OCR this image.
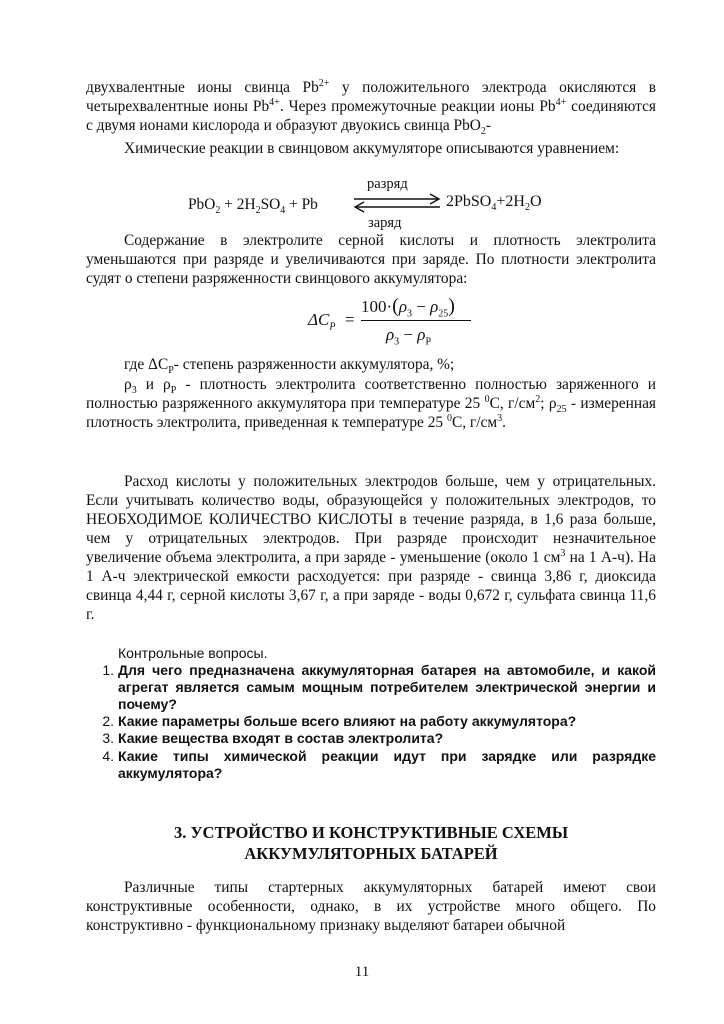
двухвалентные ионы свинца $Pb^{2+}$ у положительного электрода окисляются в четырехвалентные ионы $Pb^{4+}$. Через промежуточные реакции ионы $Pb^{4+}$ соединяются с двумя ионами кислорода и образуют двуокись свинца PbO$_2$-
Химические реакции в свинцовом аккумуляторе описываются уравнением:
$PbO_2 + 2H_2SO_4 + Pb$
разряд
$2PbSO_4+2H_2O$
заряд
Содержание в электролите серной кислоты и плотность электролита уменьшаются при разряде и увеличиваются при заряде. По плотности электролита судят о степени разряженности свинцового аккумулятора:
$\Delta C_P$ =
$100\cdot(\rho_3 - \rho_{25})$
$\rho_3 - \rho_P$
где $\Delta C_P-$ степень разряженности аккумулятора, %;
$\rho_3$ и $\rho_P$ - плотность электролита соответственно полностью заряженного и полностью разряженного аккумулятора при температуре 25 $^0$С, $г/см^2$; $\rho_{25}$ - измеренная плотность электролита, приведенная к температуре 25 $^0$С, $г/см^3$.
Расход кислоты у положительных электродов больше, чем у отрицательных. Если учитывать количество воды, образующейся у положительных электродов, то НЕОБХОДИМОЕ КОЛИЧЕСТВО КИСЛОТЫ в течение разряда, в 1,6 раза больше, чем у отрицательных электродов. При разряде происходит незначительное увеличение объема электролита, а при заряде - уменьшение (около 1 $см^3$ на 1 А-ч). На 1 А-ч электрической емкости расходуется: при разряде - свинца 3,86 г, диоксида свинца 4,44 г, серной кислоты 3,67 г, а при заряде - воды 0,672 г, сульфата свинца 11,6 г.
Контрольные вопросы.
1. Для чего предназначена аккумуляторная батарея на автомобиле, и какой агрегат является самым мощным потребителем электрической энергии и почему?
2. Какие параметры больше всего влияют на работу аккумулятора?
3. Какие вещества входят в состав электролита?
4. Какие типы химической реакции идут при зарядке или разрядке аккумулятора?
3. УСТРОЙСТВО И КОНСТРУКТИВНЫЕ СХЕМЫ
АККУМУЛЯТОРНЫХ БАТАРЕЙ
Различные типы стартерных аккумуляторных батарей имеют свои конструктивные особенности, однако, в их устройстве много общего. По конструктивно - функциональному признаку выделяют батареи обычной
11
